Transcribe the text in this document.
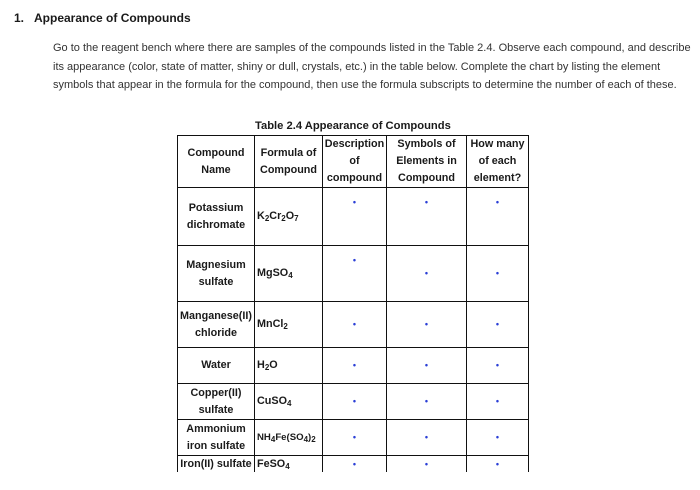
1. Appearance of Compounds

Go to the reagent bench where there are samples of the compounds listed in the Table 2.4. Observe each compound, and describe its appearance (color, state of matter, shiny or dull, crystals, etc.) in the table below. Complete the chart by listing the element symbols that appear in the formula for the compound, then use the formula subscripts to determine the number of each of these.

Table 2.4 Appearance of Compounds
Compound Name	Formula of Compound	Description of compound	Symbols of Elements in Compound	How many of each element?
Potassium dichromate	$K_2Cr_2O_7$	•	•	•
Magnesium sulfate	MgSO$_4$	•	•	•
Manganese(II) chloride	MnCl$_2$	•	•	•
Water	$H_2O$	•	•	•
Copper(II) sulfate	CuSO$_4$	•	•	•
Ammonium iron sulfate	$NH_4Fe(SO_4)_2$	•	•	•
Iron(II) sulfate	FeSO$_4$	•	•	•
